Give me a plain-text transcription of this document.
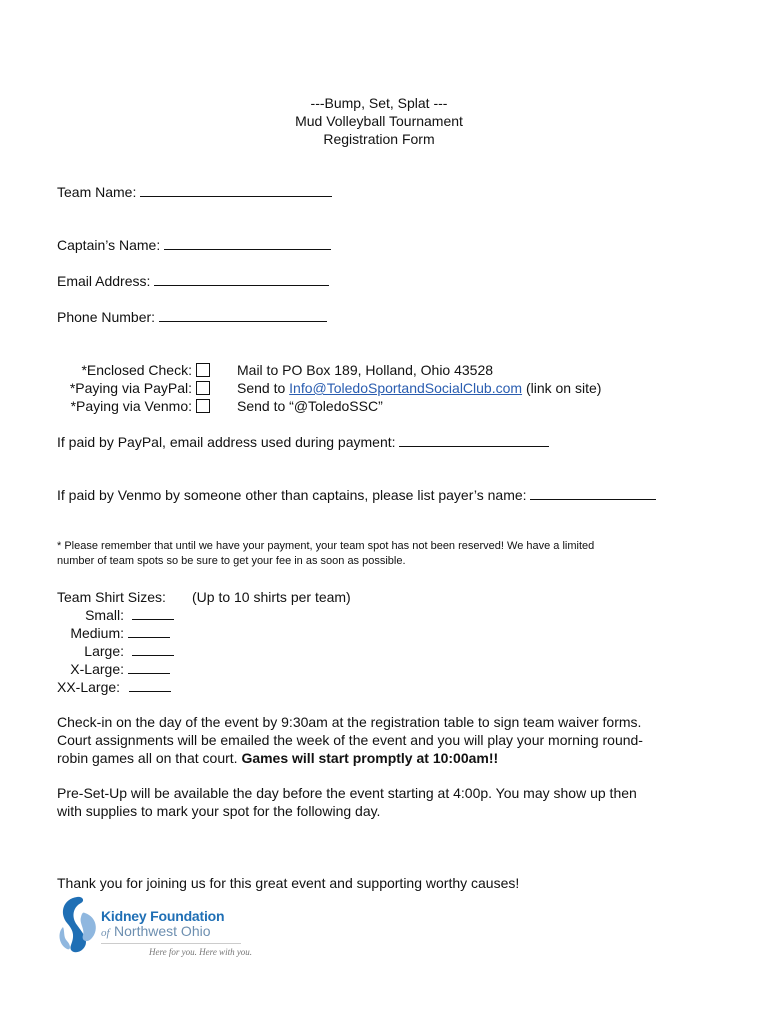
---Bump, Set, Splat ---
Mud Volleyball Tournament
Registration Form
Team Name:
Captain’s Name:
Email Address:
Phone Number:
*Enclosed Check:
*Paying via PayPal:
*Paying via Venmo:
Mail to PO Box 189, Holland, Ohio 43528
Send to Info@ToledoSportandSocialClub.com (link on site)
Send to “@ToledoSSC”
If paid by PayPal, email address used during payment:
If paid by Venmo by someone other than captains, please list payer’s name:
* Please remember that until we have your payment, your team spot has not been reserved! We have a limited
number of team spots so be sure to get your fee in as soon as possible.
Team Shirt Sizes: (Up to 10 shirts per team)
Small:
Medium:
Large:
X-Large:
XX-Large:
Check-in on the day of the event by 9:30am at the registration table to sign team waiver forms.
Court assignments will be emailed the week of the event and you will play your morning round-
robin games all on that court. Games will start promptly at 10:00am!!
Pre-Set-Up will be available the day before the event starting at 4:00p. You may show up then
with supplies to mark your spot for the following day.
Thank you for joining us for this great event and supporting worthy causes!
Kidney Foundation
of Northwest Ohio
Here for you. Here with you.
